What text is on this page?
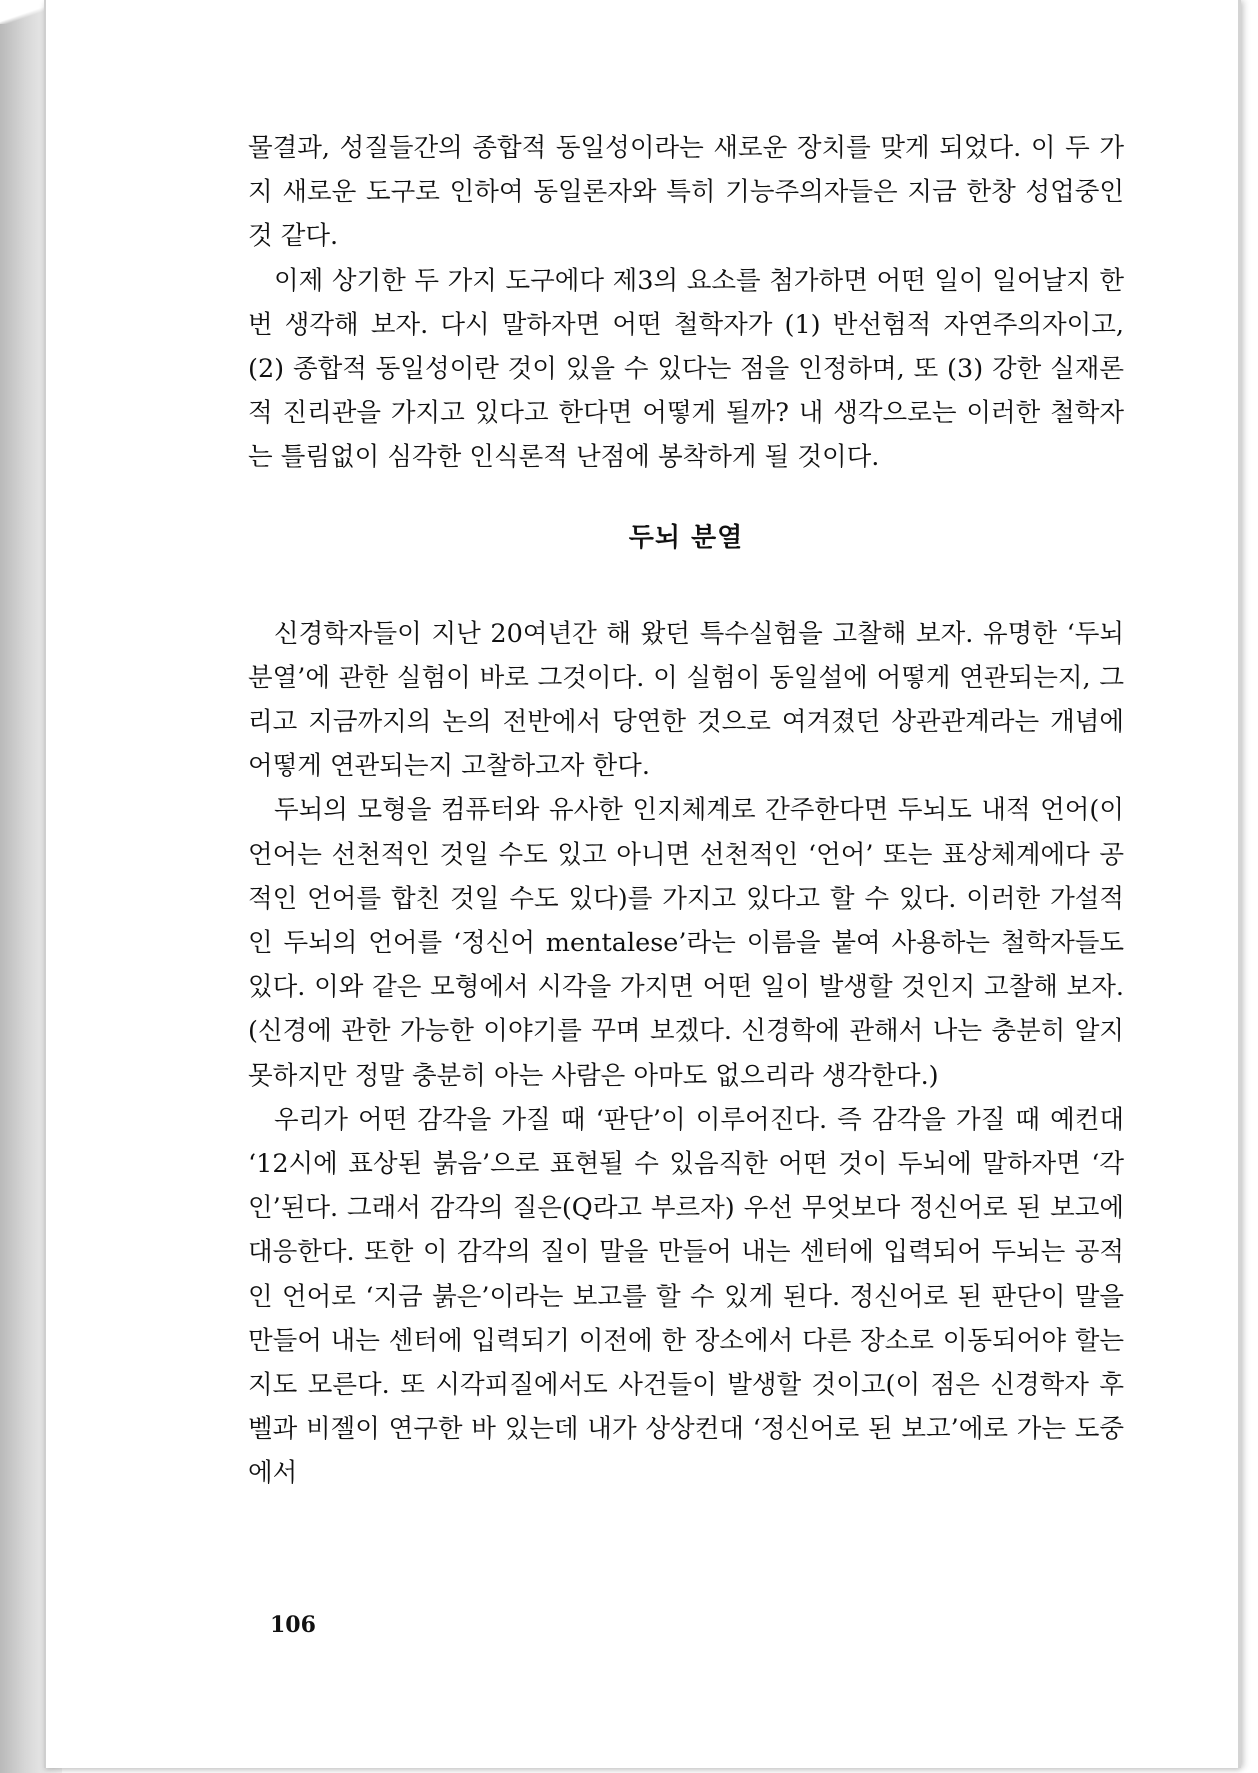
물결과, 성질들간의 종합적 동일성이라는 새로운 장치를 맞게 되었다. 이 두 가지 새로운 도구로 인하여 동일론자와 특히 기능주의자들은 지금 한창 성업중인 것 같다.

이제 상기한 두 가지 도구에다 제3의 요소를 첨가하면 어떤 일이 일어날지 한번 생각해 보자. 다시 말하자면 어떤 철학자가 (1) 반선험적 자연주의자이고, (2) 종합적 동일성이란 것이 있을 수 있다는 점을 인정하며, 또 (3) 강한 실재론적 진리관을 가지고 있다고 한다면 어떻게 될까? 내 생각으로는 이러한 철학자는 틀림없이 심각한 인식론적 난점에 봉착하게 될 것이다.

두뇌 분열

신경학자들이 지난 20여년간 해 왔던 특수실험을 고찰해 보자. 유명한 ‘두뇌 분열’에 관한 실험이 바로 그것이다. 이 실험이 동일설에 어떻게 연관되는지, 그리고 지금까지의 논의 전반에서 당연한 것으로 여겨졌던 상관관계라는 개념에 어떻게 연관되는지 고찰하고자 한다.

두뇌의 모형을 컴퓨터와 유사한 인지체계로 간주한다면 두뇌도 내적 언어(이 언어는 선천적인 것일 수도 있고 아니면 선천적인 ‘언어’ 또는 표상체계에다 공적인 언어를 합친 것일 수도 있다)를 가지고 있다고 할 수 있다. 이러한 가설적인 두뇌의 언어를 ‘정신어 mentalese’라는 이름을 붙여 사용하는 철학자들도 있다. 이와 같은 모형에서 시각을 가지면 어떤 일이 발생할 것인지 고찰해 보자.(신경에 관한 가능한 이야기를 꾸며 보겠다. 신경학에 관해서 나는 충분히 알지 못하지만 정말 충분히 아는 사람은 아마도 없으리라 생각한다.)

우리가 어떤 감각을 가질 때 ‘판단’이 이루어진다. 즉 감각을 가질 때 예컨대 ‘12시에 표상된 붉음’으로 표현될 수 있음직한 어떤 것이 두뇌에 말하자면 ‘각인’된다. 그래서 감각의 질은(Q라고 부르자) 우선 무엇보다 정신어로 된 보고에 대응한다. 또한 이 감각의 질이 말을 만들어 내는 센터에 입력되어 두뇌는 공적인 언어로 ‘지금 붉은’이라는 보고를 할 수 있게 된다. 정신어로 된 판단이 말을 만들어 내는 센터에 입력되기 이전에 한 장소에서 다른 장소로 이동되어야 할는지도 모른다. 또 시각피질에서도 사건들이 발생할 것이고(이 점은 신경학자 후벨과 비젤이 연구한 바 있는데 내가 상상컨대 ‘정신어로 된 보고’에로 가는 도중에서

106
